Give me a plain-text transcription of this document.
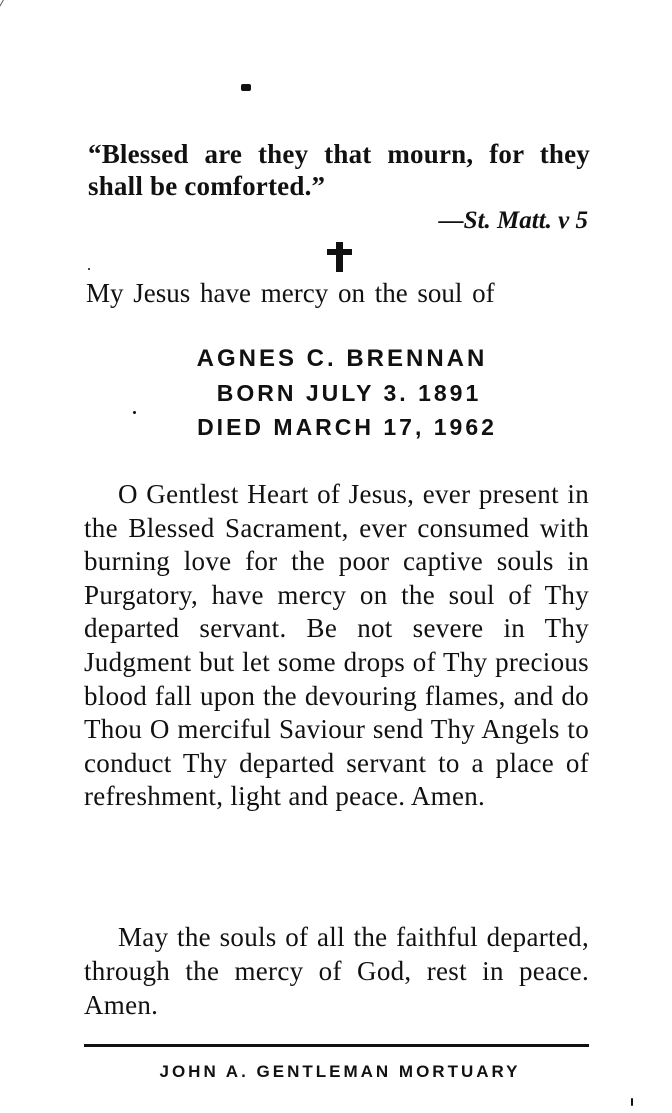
“Blessed are they that mourn, for they shall be comforted.”
—St. Matt. v 5
My Jesus have mercy on the soul of
AGNES C. BRENNAN
BORN JULY 3. 1891
DIED MARCH 17, 1962
O Gentlest Heart of Jesus, ever present in the Blessed Sacrament, ever consumed with burning love for the poor captive souls in Purgatory, have mercy on the soul of Thy departed servant. Be not severe in Thy Judgment but let some drops of Thy precious blood fall upon the devouring flames, and do Thou O merciful Saviour send Thy Angels to conduct Thy departed servant to a place of refreshment, light and peace. Amen.
May the souls of all the faithful departed, through the mercy of God, rest in peace. Amen.
JOHN A. GENTLEMAN MORTUARY
